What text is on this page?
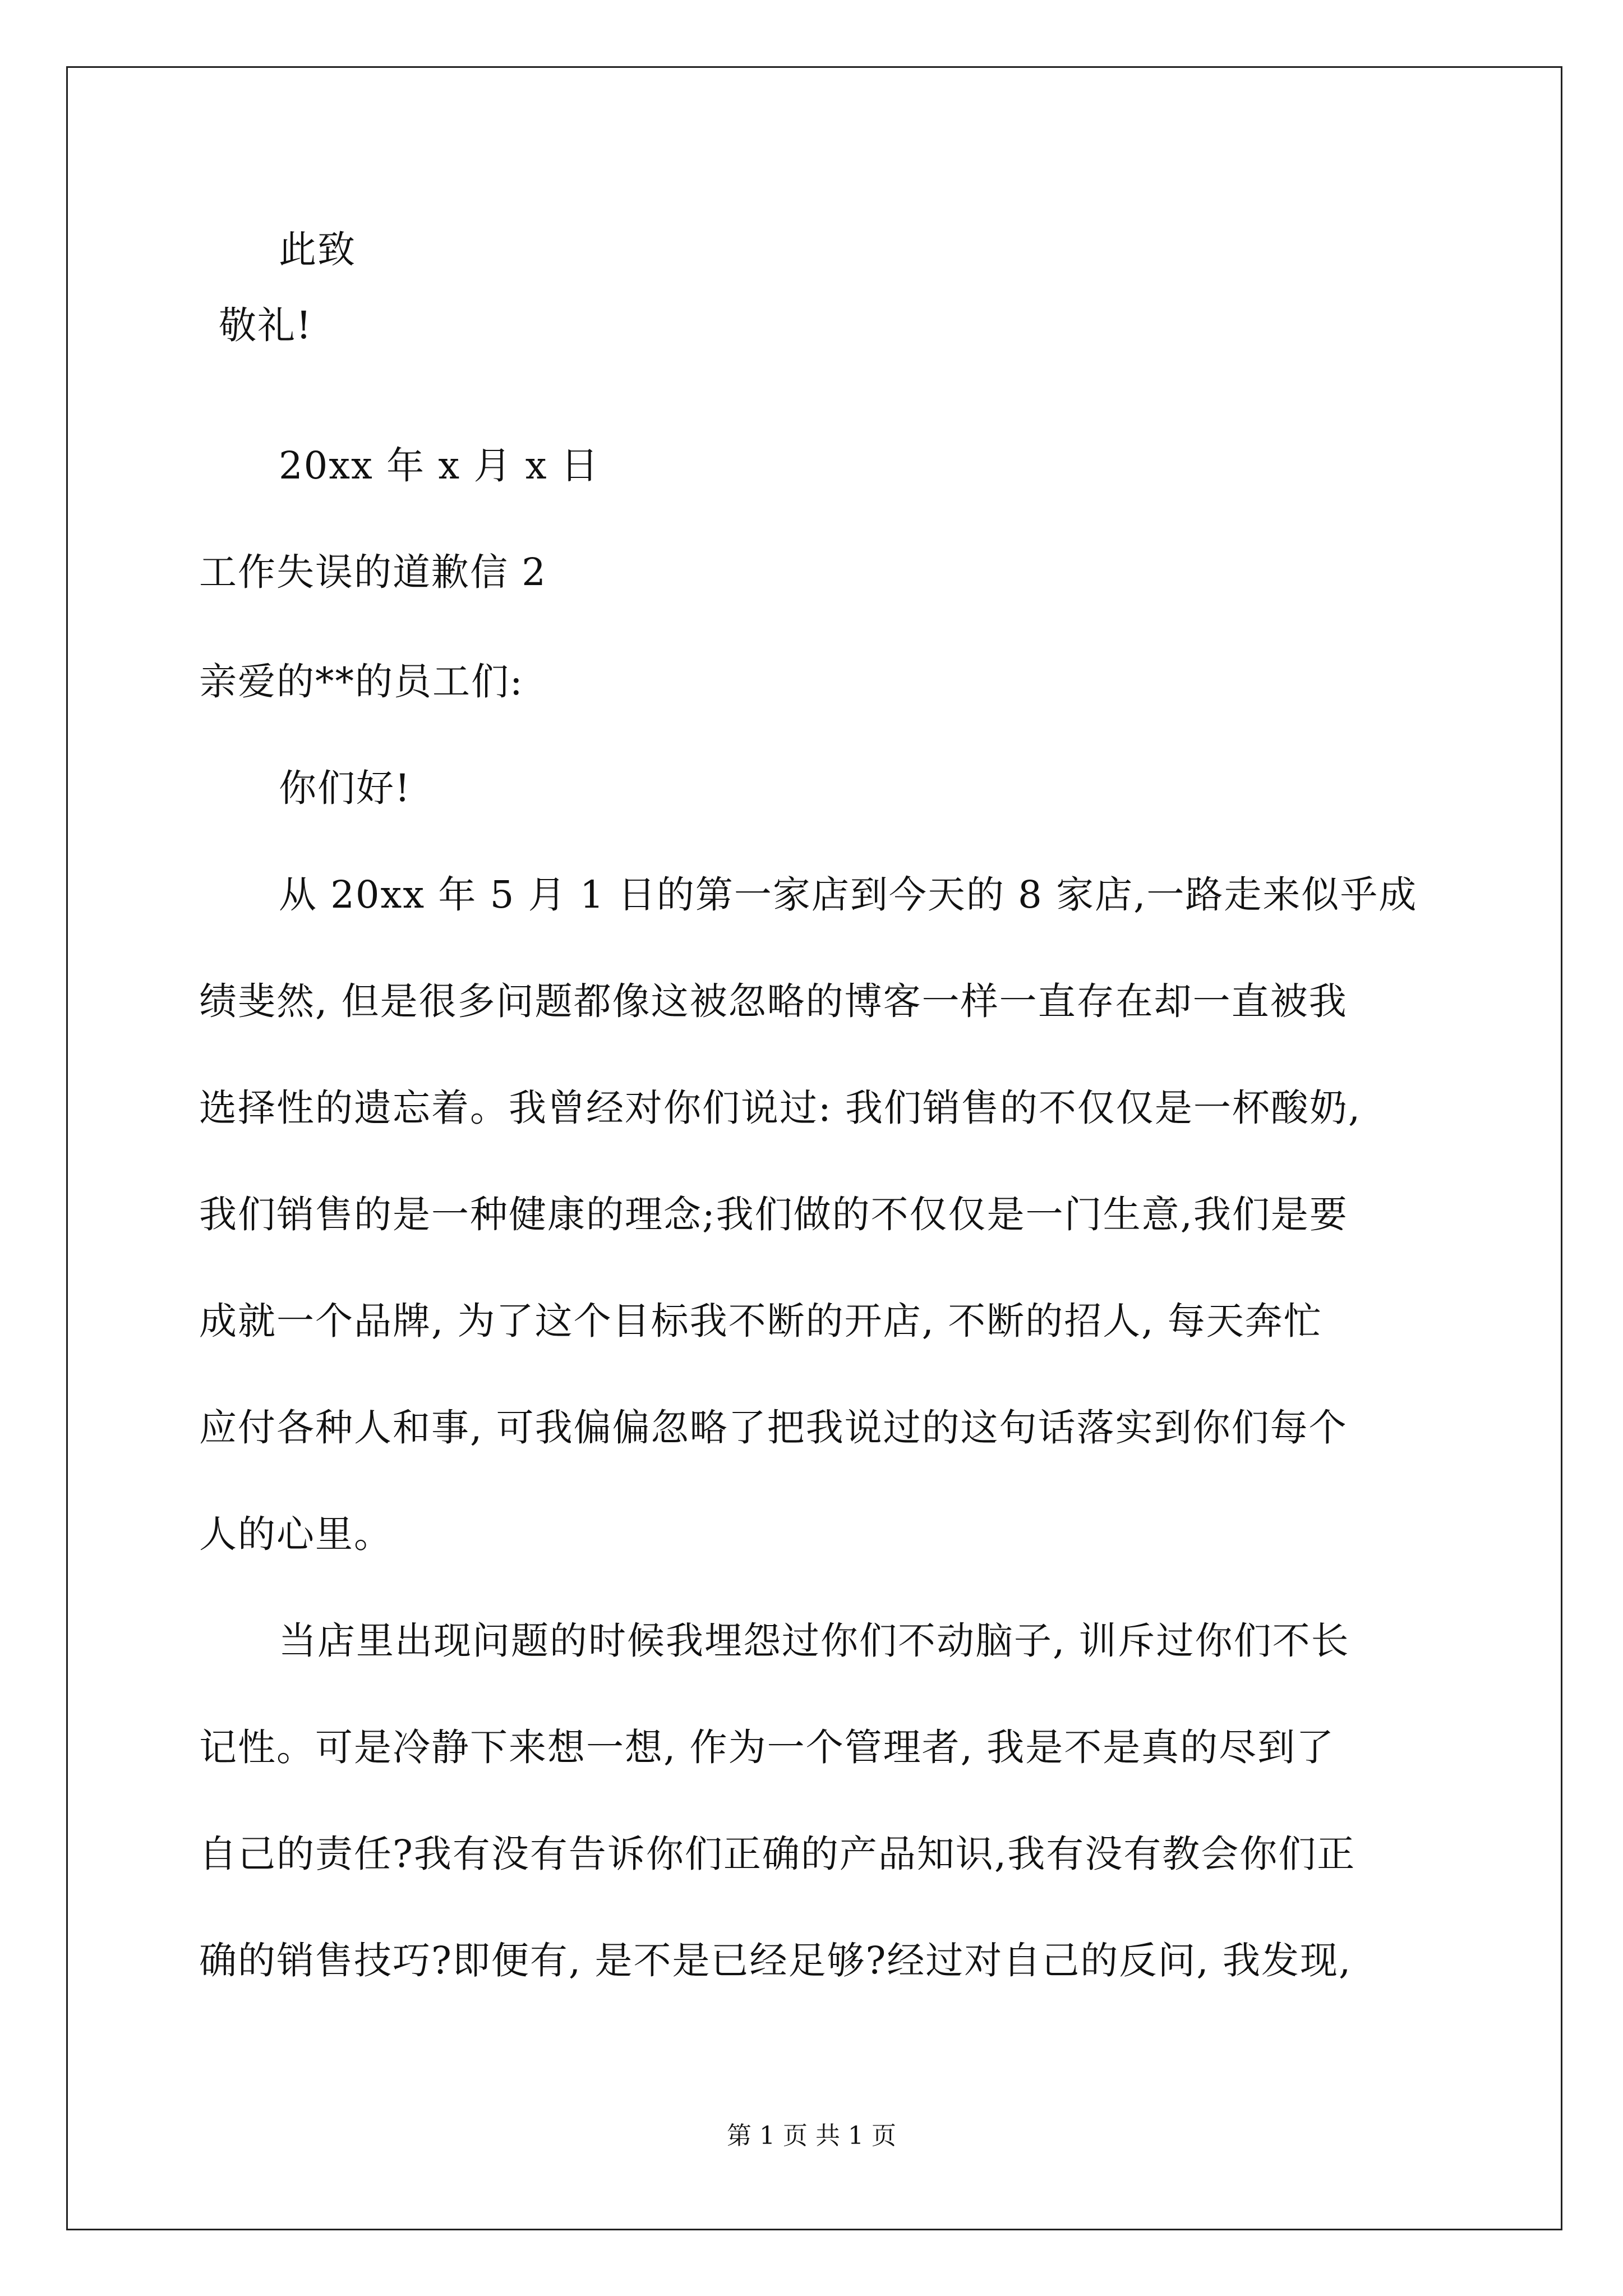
此致
敬礼!
20xx 年 x 月 x 日
工作失误的道歉信 2
亲爱的**的员工们:
你们好!
从 20xx 年 5 月 1 日的第一家店到今天的 8 家店,一路走来似乎成
绩斐然, 但是很多问题都像这被忽略的博客一样一直存在却一直被我
选择性的遗忘着。我曾经对你们说过: 我们销售的不仅仅是一杯酸奶,
我们销售的是一种健康的理念;我们做的不仅仅是一门生意,我们是要
成就一个品牌, 为了这个目标我不断的开店, 不断的招人, 每天奔忙
应付各种人和事, 可我偏偏忽略了把我说过的这句话落实到你们每个
人的心里。
当店里出现问题的时候我埋怨过你们不动脑子, 训斥过你们不长
记性。可是冷静下来想一想, 作为一个管理者, 我是不是真的尽到了
自己的责任?我有没有告诉你们正确的产品知识,我有没有教会你们正
确的销售技巧?即便有, 是不是已经足够?经过对自己的反问, 我发现,
第 1 页 共 1 页
